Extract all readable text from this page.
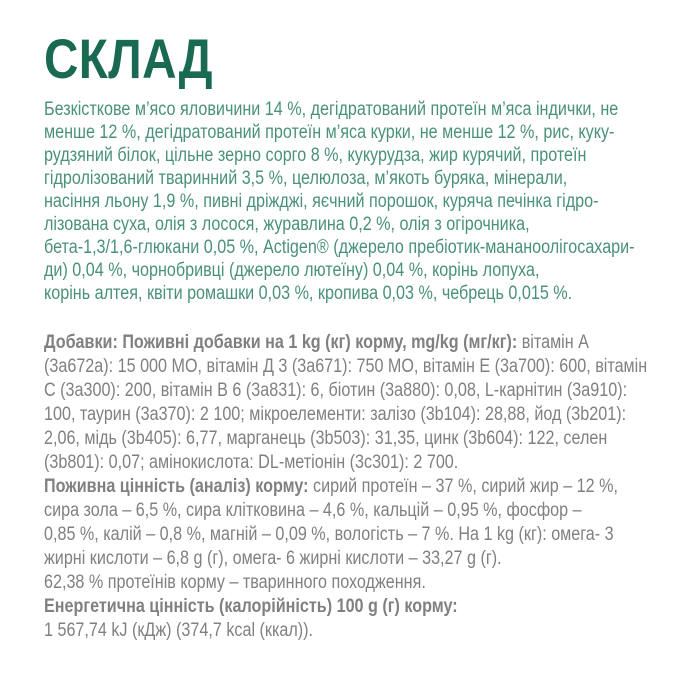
СКЛАД
Безкісткове м’ясо яловичини 14 %, дегідратований протеїн м’яса індички, не
менше 12 %, дегідратований протеїн м’яса курки, не менше 12 %, рис, куку-
рудзяний білок, цільне зерно сорго 8 %, кукурудза, жир курячий, протеїн
гідролізований тваринний 3,5 %, целюлоза, м’якоть буряка, мінерали,
насіння льону 1,9 %, пивні дріжджі, яєчний порошок, куряча печінка гідро-
лізована суха, олія з лосося, журавлина 0,2 %, олія з огірочника,
бета-1,3/1,6-глюкани 0,05 %, Actigen® (джерело пребіотик-мананоолігосахари-
ди) 0,04 %, чорнобривці (джерело лютеїну) 0,04 %, корінь лопуха,
корінь алтея, квіти ромашки 0,03 %, кропива 0,03 %, чебрець 0,015 %.
Добавки: Поживні добавки на 1 kg (кг) корму, mg/kg (мг/кг): вітамін A
(3a672a): 15 000 МО, вітамін Д 3 (3a671): 750 МО, вітамін E (3a700): 600, вітамін
С (3a300): 200, вітамін В 6 (3a831): 6, біотин (3a880): 0,08, L-карнітин (3a910):
100, таурин (3a370): 2 100; мікроелементи: залізо (3b104): 28,88, йод (3b201):
2,06, мідь (3b405): 6,77, марганець (3b503): 31,35, цинк (3b604): 122, селен
(3b801): 0,07; амінокислота: DL-метіонін (3c301): 2 700.
Поживна цінність (аналіз) корму: сирий протеїн – 37 %, сирий жир – 12 %,
сира зола – 6,5 %, сира клітковина – 4,6 %, кальцій – 0,95 %, фосфор –
0,85 %, калій – 0,8 %, магній – 0,09 %, вологість – 7 %. На 1 kg (кг): омега- 3
жирні кислоти – 6,8 g (г), омега- 6 жирні кислоти – 33,27 g (г).
62,38 % протеїнів корму – тваринного походження.
Енергетична цінність (калорійність) 100 g (г) корму:
1 567,74 kJ (кДж) (374,7 kcal (ккал)).
